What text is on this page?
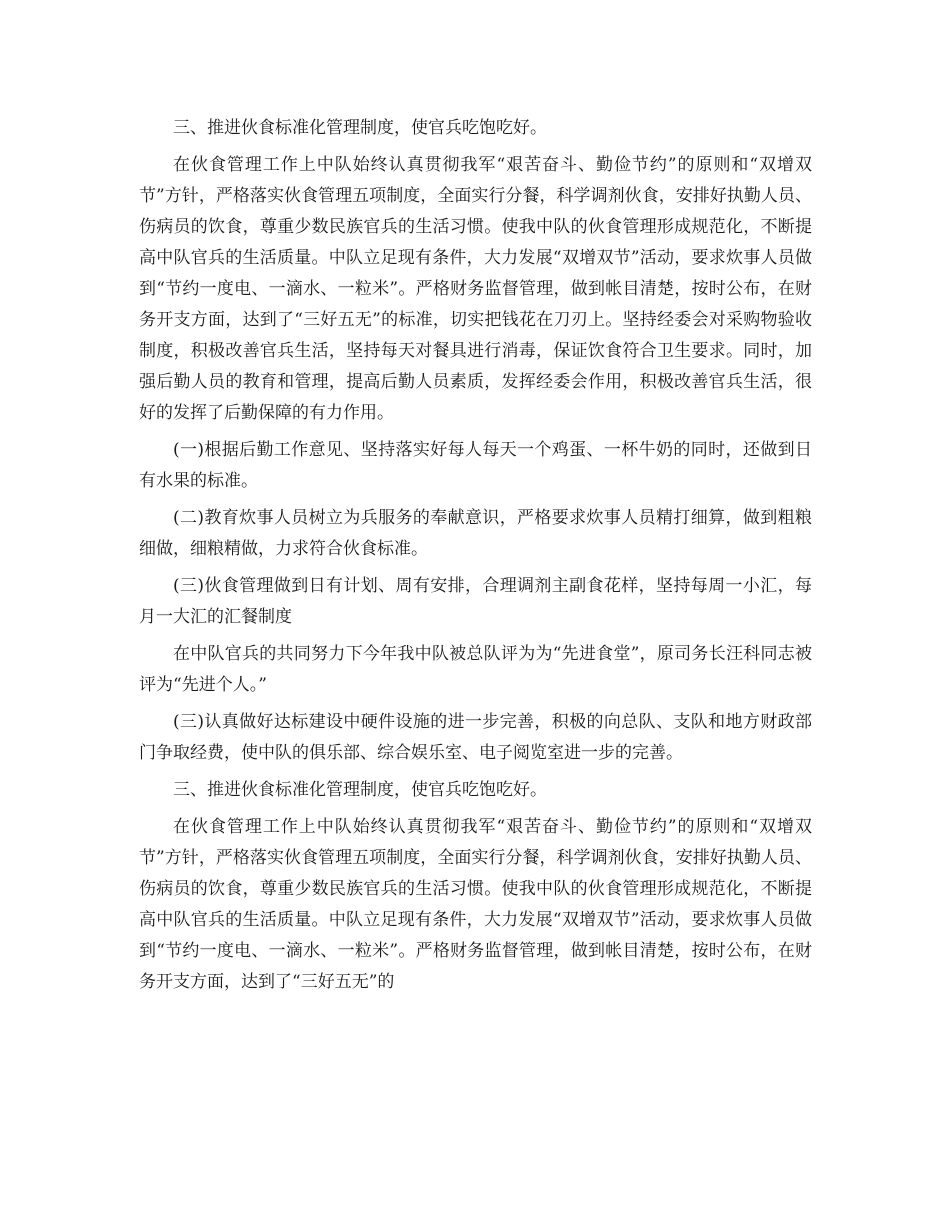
三、推进伙食标准化管理制度，使官兵吃饱吃好。

在伙食管理工作上中队始终认真贯彻我军“艰苦奋斗、勤俭节约”的原则和“双增双节”方针，严格落实伙食管理五项制度，全面实行分餐，科学调剂伙食，安排好执勤人员、伤病员的饮食，尊重少数民族官兵的生活习惯。使我中队的伙食管理形成规范化，不断提高中队官兵的生活质量。中队立足现有条件，大力发展“双增双节”活动，要求炊事人员做到“节约一度电、一滴水、一粒米”。严格财务监督管理，做到帐目清楚，按时公布，在财务开支方面，达到了“三好五无”的标准，切实把钱花在刀刃上。坚持经委会对采购物验收制度，积极改善官兵生活，坚持每天对餐具进行消毒，保证饮食符合卫生要求。同时，加强后勤人员的教育和管理，提高后勤人员素质，发挥经委会作用，积极改善官兵生活，很好的发挥了后勤保障的有力作用。

(一)根据后勤工作意见、坚持落实好每人每天一个鸡蛋、一杯牛奶的同时，还做到日有水果的标准。

(二)教育炊事人员树立为兵服务的奉献意识，严格要求炊事人员精打细算，做到粗粮细做，细粮精做，力求符合伙食标准。

(三)伙食管理做到日有计划、周有安排，合理调剂主副食花样，坚持每周一小汇，每月一大汇的汇餐制度

在中队官兵的共同努力下今年我中队被总队评为为“先进食堂”，原司务长汪科同志被评为“先进个人。”

(三)认真做好达标建设中硬件设施的进一步完善，积极的向总队、支队和地方财政部门争取经费，使中队的俱乐部、综合娱乐室、电子阅览室进一步的完善。

三、推进伙食标准化管理制度，使官兵吃饱吃好。

在伙食管理工作上中队始终认真贯彻我军“艰苦奋斗、勤俭节约”的原则和“双增双节”方针，严格落实伙食管理五项制度，全面实行分餐，科学调剂伙食，安排好执勤人员、伤病员的饮食，尊重少数民族官兵的生活习惯。使我中队的伙食管理形成规范化，不断提高中队官兵的生活质量。中队立足现有条件，大力发展“双增双节”活动，要求炊事人员做到“节约一度电、一滴水、一粒米”。严格财务监督管理，做到帐目清楚，按时公布，在财务开支方面，达到了“三好五无”的
